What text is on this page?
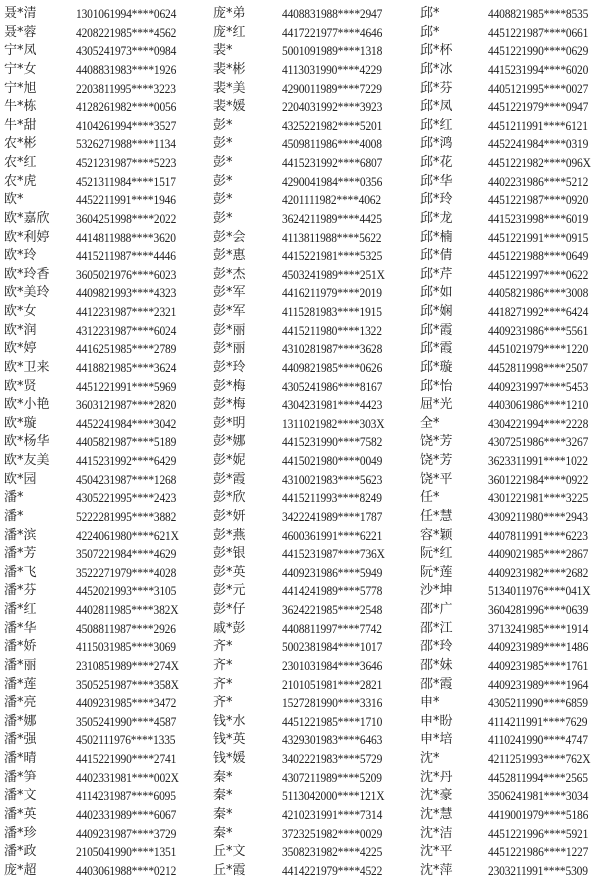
聂*清	1301061994****0624	庞*弟	4408831988****2947	邱*	4408821985****8535
聂*蓉	4208221985****4562	庞*红	4417221977****4646	邱*	4451221987****0661
宁*凤	4305241973****0984	裴*	5001091989****1318	邱*杯	4451221990****0629
宁*女	4408831983****1926	裴*彬	4113031990****4229	邱*冰	4415231994****6020
宁*旭	2203811995****3223	裴*美	4290011989****7229	邱*芬	4405121995****0027
牛*栋	4128261982****0056	裴*媛	2204031992****3923	邱*凤	4451221979****0947
牛*甜	4104261994****3527	彭*	4325221982****5201	邱*红	4451211991****6121
农*彬	5326271988****1134	彭*	4509811986****4008	邱*鸿	4452241984****0319
农*红	4521231987****5223	彭*	4415231992****6807	邱*花	4451221982****096X
农*虎	4521311984****1517	彭*	4290041984****0356	邱*华	4402231986****5212
欧*	4452211991****1946	彭*	4201111982****4062	邱*玲	4451221987****0920
欧*嘉欣 3604251998****2022	彭*	3624211989****4425	邱*龙	4415231998****6019
欧*利婷 4414811988****3620	彭*会	4113811988****5622	邱*楠	4451221991****0915
欧*玲	4415211987****4446	彭*惠	4415221981****5325	邱*倩	4451221988****0649
欧*玲香 3605021976****6023	彭*杰	4503241989****251X	邱*芹	4451221997****0622
欧*美玲 4409821993****4323	彭*军	4416211979****2019	邱*如	4405821986****3008
欧*女	4412231987****2321	彭*军	4115281983****1915	邱*娴	4418271992****6424
欧*润	4312231987****6024	彭*丽	4415211980****1322	邱*霞	4409231986****5561
欧*婷	4416251985****2789	彭*丽	4310281987****3628	邱*霞	4451021979****1220
欧*卫来 4418821985****3624	彭*玲	4409821985****0626	邱*璇	4452811998****2507
欧*贤	4451221991****5969	彭*梅	4305241986****8167	邱*怡	4409231997****5453
欧*小艳 3603121987****2820	彭*梅	4304231981****4423	屈*光	4403061986****1210
欧*璇	4452241984****3042	彭*明	1311021982****303X	全*	4304221994****2228
欧*杨华 4405821987****5189	彭*娜	4415231990****7582	饶*芳	4307251986****3267
欧*友美 4415231992****6429	彭*妮	4415021980****0049	饶*芳	3623311991****1022
欧*园	4504231987****1268	彭*霞	4310021983****5623	饶*平	3601221984****0922
潘*	4305221995****2423	彭*欣	4415211993****8249	任*	4301221981****3225
潘*	5222281995****3882	彭*妍	3422241989****1787	任*慧	4309211980****2943
潘*滨	4224061980****621X	彭*燕	4600361991****6221	容*颖	4407811991****6223
潘*芳	3507221984****4629	彭*银	4415231987****736X	阮*红	4409021985****2867
潘*飞	3522271979****4028	彭*英	4409231986****5949	阮*莲	4409231982****2682
潘*芬	4452021993****3105	彭*元	4414241989****5778	沙*坤	5134011976****041X
潘*红	4402811985****382X	彭*仔	3624221985****2548	邵*广	3604281996****0639
潘*华	4508811987****2926	戚*彭	4408811997****7742	邵*江	3713241985****1914
潘*娇	4115031985****3069	齐*	5002381984****1017	邵*玲	4409231989****1486
潘*丽	2310851989****274X	齐*	2301031984****3646	邵*妹	4409231985****1761
潘*莲	3505251987****358X	齐*	2101051981****2821	邵*霞	4409231989****1964
潘*亮	4409231985****3472	齐*	1527281990****3316	申*	4305211990****6859
潘*娜	3505241990****4587	钱*水	4451221985****1710	申*盼	4114211991****7629
潘*强	4502111976****1335	钱*英	4329301983****6463	申*培	4110241990****4747
潘*晴	4415221990****2741	钱*媛	3402221983****5729	沈*	4211251993****762X
潘*笋	4402331981****002X	秦*	4307211989****5209	沈*丹	4452811994****2565
潘*文	4114231987****6095	秦*	5113042000****121X	沈*豪	3506241981****3034
潘*英	4402331989****6067	秦*	4210231991****7314	沈*慧	4419001979****5186
潘*珍	4409231987****3729	秦*	3723251982****0029	沈*洁	4451221996****5921
潘*政	2105041990****1351	丘*文	3508231982****4225	沈*平	4451221986****1227
庞*超	4403061988****0212	丘*霞	4414221979****4522	沈*萍	2303211991****5309
